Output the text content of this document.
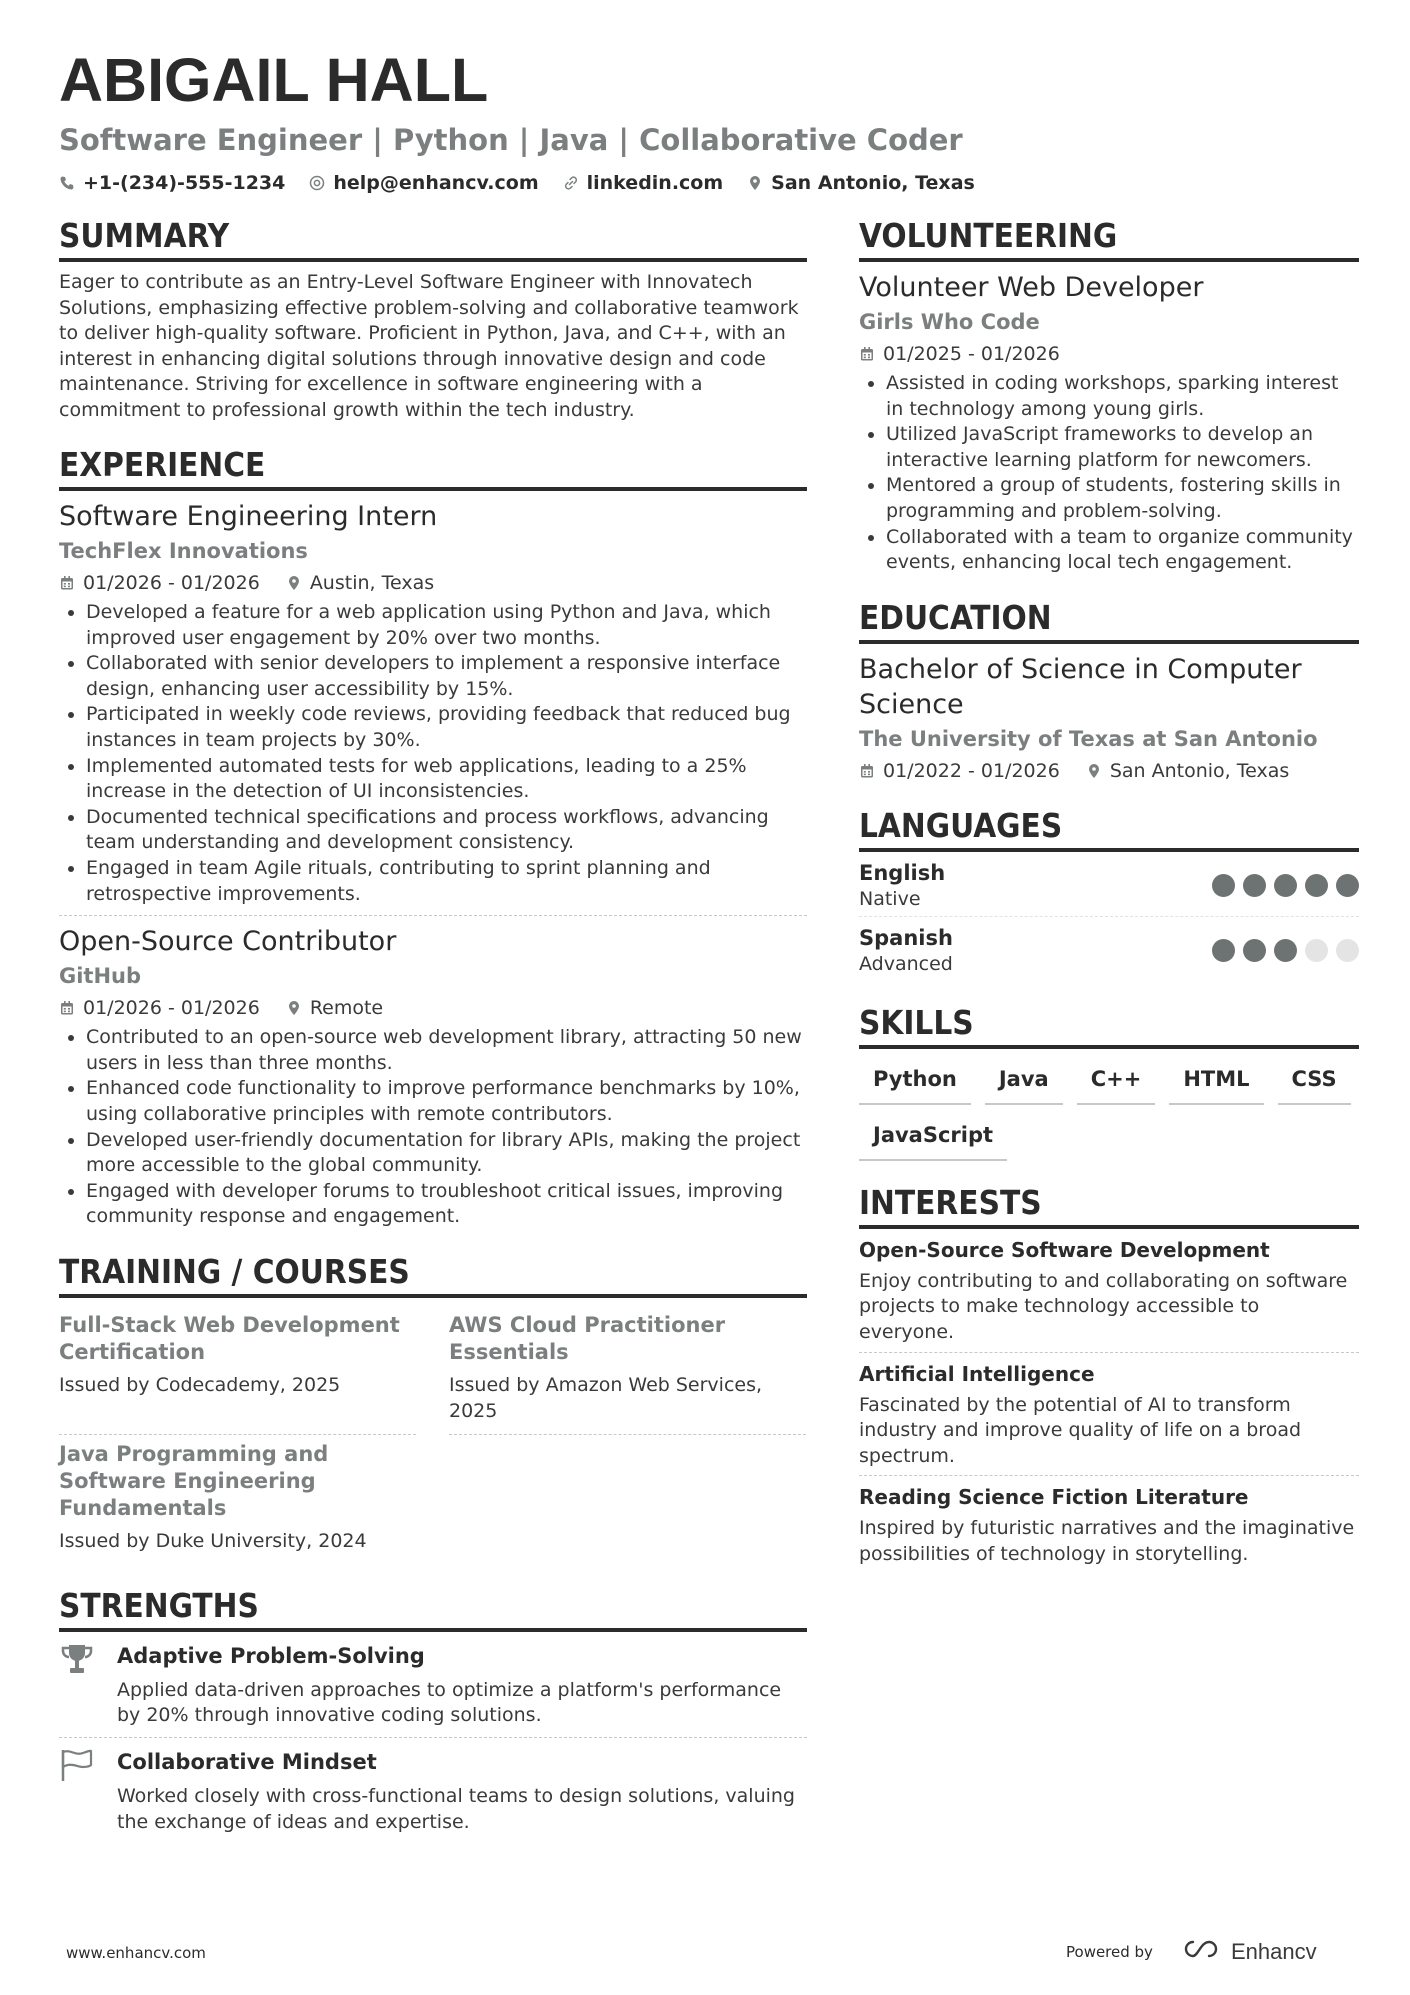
ABIGAIL HALL
Software Engineer | Python | Java | Collaborative Coder
+1-(234)-555-1234	help@enhancv.com	linkedin.com	San Antonio, Texas
SUMMARY
Eager to contribute as an Entry-Level Software Engineer with Innovatech Solutions, emphasizing effective problem-solving and collaborative teamwork to deliver high-quality software. Proficient in Python, Java, and C++, with an interest in enhancing digital solutions through innovative design and code maintenance. Striving for excellence in software engineering with a commitment to professional growth within the tech industry.
EXPERIENCE
Software Engineering Intern
TechFlex Innovations
01/2026 - 01/2026	Austin, Texas
• Developed a feature for a web application using Python and Java, which improved user engagement by 20% over two months.
• Collaborated with senior developers to implement a responsive interface design, enhancing user accessibility by 15%.
• Participated in weekly code reviews, providing feedback that reduced bug instances in team projects by 30%.
• Implemented automated tests for web applications, leading to a 25% increase in the detection of UI inconsistencies.
• Documented technical specifications and process workflows, advancing team understanding and development consistency.
• Engaged in team Agile rituals, contributing to sprint planning and retrospective improvements.
Open-Source Contributor
GitHub
01/2026 - 01/2026	Remote
• Contributed to an open-source web development library, attracting 50 new users in less than three months.
• Enhanced code functionality to improve performance benchmarks by 10%, using collaborative principles with remote contributors.
• Developed user-friendly documentation for library APIs, making the project more accessible to the global community.
• Engaged with developer forums to troubleshoot critical issues, improving community response and engagement.
TRAINING / COURSES
Full-Stack Web Development Certification
Issued by Codecademy, 2025
AWS Cloud Practitioner Essentials
Issued by Amazon Web Services, 2025
Java Programming and Software Engineering Fundamentals
Issued by Duke University, 2024
STRENGTHS
Adaptive Problem-Solving
Applied data-driven approaches to optimize a platform's performance by 20% through innovative coding solutions.
Collaborative Mindset
Worked closely with cross-functional teams to design solutions, valuing the exchange of ideas and expertise.
VOLUNTEERING
Volunteer Web Developer
Girls Who Code
01/2025 - 01/2026
• Assisted in coding workshops, sparking interest in technology among young girls.
• Utilized JavaScript frameworks to develop an interactive learning platform for newcomers.
• Mentored a group of students, fostering skills in programming and problem-solving.
• Collaborated with a team to organize community events, enhancing local tech engagement.
EDUCATION
Bachelor of Science in Computer Science
The University of Texas at San Antonio
01/2022 - 01/2026	San Antonio, Texas
LANGUAGES
English
Native
Spanish
Advanced
SKILLS
Python	Java	C++	HTML	CSS
JavaScript
INTERESTS
Open-Source Software Development
Enjoy contributing to and collaborating on software projects to make technology accessible to everyone.
Artificial Intelligence
Fascinated by the potential of AI to transform industry and improve quality of life on a broad spectrum.
Reading Science Fiction Literature
Inspired by futuristic narratives and the imaginative possibilities of technology in storytelling.
www.enhancv.com	Powered by	Enhancv
